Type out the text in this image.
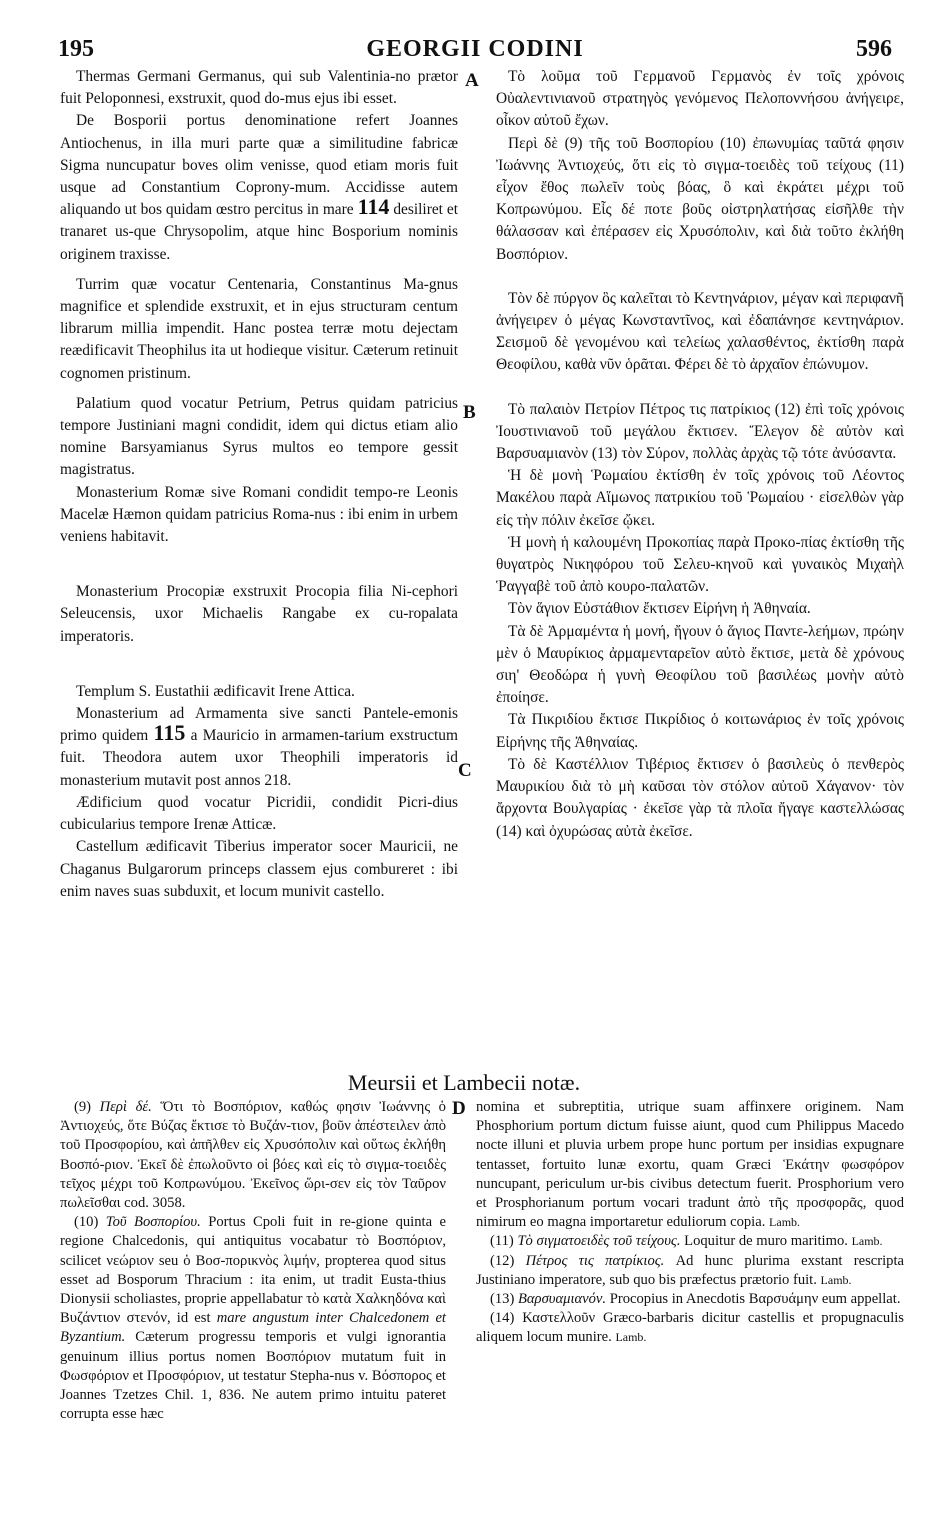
195	GEORGII CODINI	596
A
B
C
D

Thermas Germani Germanus, qui sub Valentinia-no prætor fuit Peloponnesi, exstruxit, quod do-mus ejus ibi esset.

De Bosporii portus denominatione refert Joannes Antiochenus, in illa muri parte quæ a similitudine fabricæ Sigma nuncupatur boves olim venisse, quod etiam moris fuit usque ad Constantium Coprony-mum. Accidisse autem aliquando ut bos quidam œstro percitus in mare 114 desiliret et tranaret us-que Chrysopolim, atque hinc Bosporium nominis originem traxisse.

Turrim quæ vocatur Centenaria, Constantinus Ma-gnus magnifice et splendide exstruxit, et in ejus structuram centum librarum millia impendit. Hanc postea terræ motu dejectam reædificavit Theophilus ita ut hodieque visitur. Cæterum retinuit cognomen pristinum.

Palatium quod vocatur Petrium, Petrus quidam patricius tempore Justiniani magni condidit, idem qui dictus etiam alio nomine Barsyamianus Syrus multos eo tempore gessit magistratus.

Monasterium Romæ sive Romani condidit tempo-re Leonis Macelæ Hæmon quidam patricius Roma-nus : ibi enim in urbem veniens habitavit.

Monasterium Procopiæ exstruxit Procopia filia Ni-cephori Seleucensis, uxor Michaelis Rangabe ex cu-ropalata imperatoris.

Templum S. Eustathii ædificavit Irene Attica.

Monasterium ad Armamenta sive sancti Pantele-emonis primo quidem 115 a Mauricio in armamen-tarium exstructum fuit. Theodora autem uxor Theophili imperatoris id monasterium mutavit post annos 218.

Ædificium quod vocatur Picridii, condidit Picri-dius cubicularius tempore Irenæ Atticæ.

Castellum ædificavit Tiberius imperator socer Mauricii, ne Chaganus Bulgarorum princeps classem ejus combureret : ibi enim naves suas subduxit, et locum munivit castello.

Τὸ λοῦμα τοῦ Γερμανοῦ Γερμανὸς ἐν τοῖς χρόνοις Οὐαλεντινιανοῦ στρατηγὸς γενόμενος Πελοποννήσου ἀνήγειρε, οἶκον αὐτοῦ ἔχων.

Περὶ δὲ (9) τῆς τοῦ Βοσπορίου (10) ἐπωνυμίας ταῦτά φησιν Ἰωάννης Ἀντιοχεύς, ὅτι εἰς τὸ σιγμα-τοειδὲς τοῦ τείχους (11) εἶχον ἔθος πωλεῖν τοὺς βόας, ὃ καὶ ἐκράτει μέχρι τοῦ Κοπρωνύμου. Εἷς δέ ποτε βοῦς οἰστρηλατήσας εἰσῆλθε τὴν θάλασσαν καὶ ἐπέρασεν εἰς Χρυσόπολιν, καὶ διὰ τοῦτο ἐκλήθη Βοσπόριον.

Τὸν δὲ πύργον ὃς καλεῖται τὸ Κεντηνάριον, μέγαν καὶ περιφανῆ ἀνήγειρεν ὁ μέγας Κωνσταντῖνος, καὶ ἐδαπάνησε κεντηνάριον. Σεισμοῦ δὲ γενομένου καὶ τελείως χαλασθέντος, ἐκτίσθη παρὰ Θεοφίλου, καθὰ νῦν ὁρᾶται. Φέρει δὲ τὸ ἀρχαῖον ἐπώνυμον.

Τὸ παλαιὸν Πετρίον Πέτρος τις πατρίκιος (12) ἐπὶ τοῖς χρόνοις Ἰουστινιανοῦ τοῦ μεγάλου ἔκτισεν. Ἔλεγον δὲ αὐτὸν καὶ Βαρσυαμιανὸν (13) τὸν Σύρον, πολλὰς ἀρχὰς τῷ τότε ἀνύσαντα.

Ἡ δὲ μονὴ Ῥωμαίου ἐκτίσθη ἐν τοῖς χρόνοις τοῦ Λέοντος Μακέλου παρὰ Αἵμωνος πατρικίου τοῦ Ῥωμαίου · εἰσελθὼν γὰρ εἰς τὴν πόλιν ἐκεῖσε ᾤκει.

Ἡ μονὴ ἡ καλουμένη Προκοπίας παρὰ Προκο-πίας ἐκτίσθη τῆς θυγατρὸς Νικηφόρου τοῦ Σελευ-κηνοῦ καὶ γυναικὸς Μιχαὴλ Ῥαγγαβὲ τοῦ ἀπὸ κουρο-παλατῶν.

Τὸν ἅγιον Εὐστάθιον ἔκτισεν Εἰρήνη ἡ Ἀθηναία.

Τὰ δὲ Ἀρμαμέντα ἡ μονή, ἤγουν ὁ ἅγιος Παντε-λεήμων, πρώην μὲν ὁ Μαυρίκιος ἀρμαμενταρεῖον αὐτὸ ἔκτισε, μετὰ δὲ χρόνους σιη' Θεοδώρα ἡ γυνὴ Θεοφίλου τοῦ βασιλέως μονὴν αὐτὸ ἐποίησε.

Τὰ Πικριδίου ἔκτισε Πικρίδιος ὁ κοιτωνάριος ἐν τοῖς χρόνοις Εἰρήνης τῆς Ἀθηναίας.

Τὸ δὲ Καστέλλιον Τιβέριος ἔκτισεν ὁ βασιλεὺς ὁ πενθερὸς Μαυρικίου διὰ τὸ μὴ καῦσαι τὸν στόλον αὐτοῦ Χάγανον· τὸν ἄρχοντα Βουλγαρίας · ἐκεῖσε γὰρ τὰ πλοῖα ἤγαγε καστελλώσας (14) καὶ ὀχυρώσας αὐτὰ ἐκεῖσε.

Meursii et Lambecii notæ.

(9) Περὶ δέ. Ὅτι τὸ Βοσπόριον, καθώς φησιν Ἰωάννης ὁ Ἀντιοχεύς, ὅτε Βύζας ἔκτισε τὸ Βυζάν-τιον, βοῦν ἀπέστειλεν ἀπὸ τοῦ Προσφορίου, καὶ ἀπῆλθεν εἰς Χρυσόπολιν καὶ οὕτως ἐκλήθη Βοσπό-ριον. Ἐκεῖ δὲ ἐπωλοῦντο οἱ βόες καὶ εἰς τὸ σιγμα-τοειδὲς τεῖχος μέχρι τοῦ Κοπρωνύμου. Ἐκεῖνος ὥρι-σεν εἰς τὸν Ταῦρον πωλεῖσθαι cod. 3058.

(10) Τοῦ Βοσπορίου. Portus Cpoli fuit in re-gione quinta e regione Chalcedonis, qui antiquitus vocabatur τὸ Βοσπόριον, scilicet νεώριον seu ὁ Βοσ-πορικνὸς λιμήν, propterea quod situs esset ad Bosporum Thracium : ita enim, ut tradit Eusta-thius Dionysii scholiastes, proprie appellabatur τὸ κατὰ Χαλκηδόνα καὶ Βυζάντιον στενόν, id est mare angustum inter Chalcedonem et Byzantium. Cæterum progressu temporis et vulgi ignorantia genuinum illius portus nomen Βοσπόριον mutatum fuit in Φωσφόριον et Προσφόριον, ut testatur Stepha-nus v. Βόσπορος et Joannes Tzetzes Chil. 1, 836. Ne autem primo intuitu pateret corrupta esse hæc

nomina et subreptitia, utrique suam affinxere originem. Nam Phosphorium portum dictum fuisse aiunt, quod cum Philippus Macedo nocte illuni et pluvia urbem prope hunc portum per insidias expugnare tentasset, fortuito lunæ exortu, quam Græci Ἑκάτην φωσφόρον nuncupant, periculum ur-bis civibus detectum fuerit. Prosphorium vero et Prosphorianum portum vocari tradunt ἀπὸ τῆς προσφορᾶς, quod nimirum eo magna importaretur eduliorum copia. Lamb.

(11) Τὸ σιγματοειδὲς τοῦ τείχους. Loquitur de muro maritimo. Lamb.

(12) Πέτρος τις πατρίκιος. Ad hunc plurima exstant rescripta Justiniano imperatore, sub quo bis præfectus prætorio fuit. Lamb.

(13) Βαρσυαμιανόν. Procopius in Anecdotis Βαρσυάμην eum appellat.

(14) Καστελλοῦν Græco-barbaris dicitur castellis et propugnaculis aliquem locum munire. Lamb.
